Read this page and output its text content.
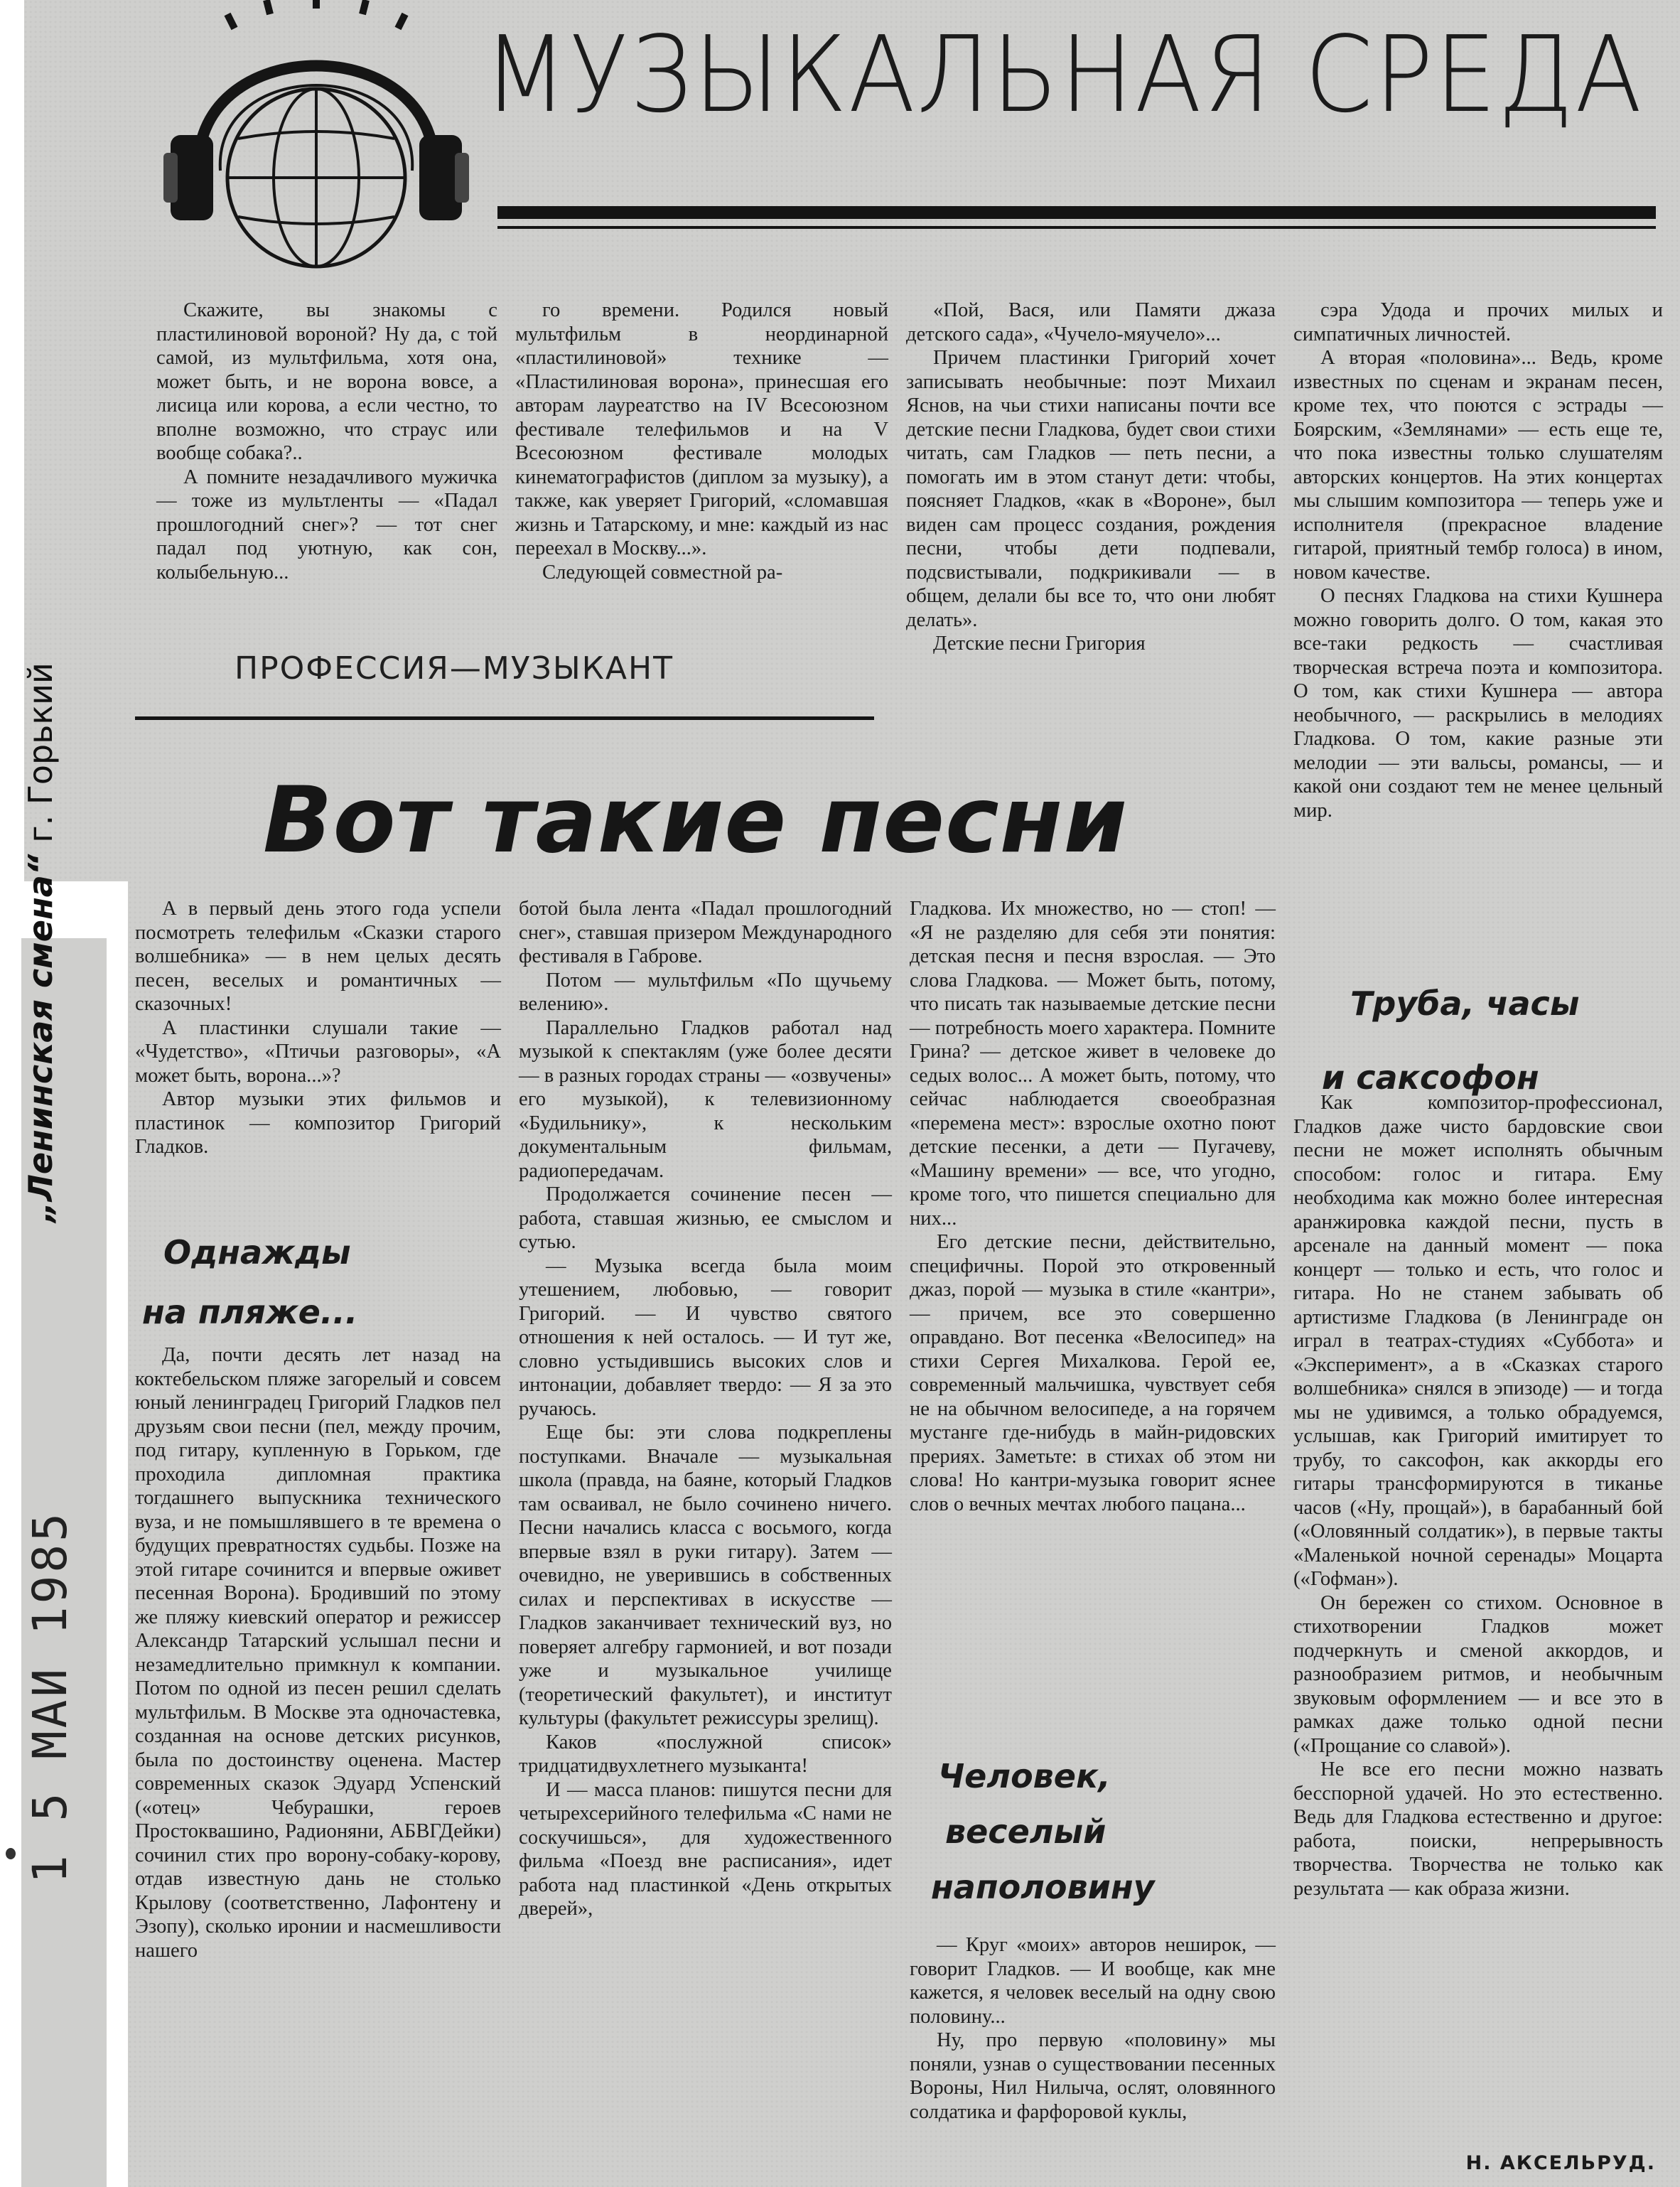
МУЗЫКАЛЬНАЯ СРЕДА

Скажите, вы знакомы с пластилиновой вороной? Ну да, с той самой, из мультфильма, хотя она, может быть, и не ворона вовсе, а лисица или корова, а если честно, то вполне возможно, что страус или вообще собака?..

А помните незадачливого мужичка — тоже из мультленты — «Падал прошлогодний снег»? — тот снег падал под уютную, как сон, колыбельную...

го времени. Родился новый мультфильм в неординарной «пластилиновой» технике — «Пластилиновая ворона», принесшая его авторам лауреатство на IV Всесоюзном фестивале телефильмов и на V Всесоюзном фестивале молодых кинематографистов (диплом за музыку), а также, как уверяет Григорий, «сломавшая жизнь и Татарскому, и мне: каждый из нас переехал в Москву...».

Следующей совместной ра-

«Пой, Вася, или Памяти джаза детского сада», «Чучело-мяучело»...

Причем пластинки Григорий хочет записывать необычные: поэт Михаил Яснов, на чьи стихи написаны почти все детские песни Гладкова, будет свои стихи читать, сам Гладков — петь песни, а помогать им в этом станут дети: чтобы, поясняет Гладков, «как в «Вороне», был виден сам процесс создания, рождения песни, чтобы дети подпевали, подсвистывали, подкрикивали — в общем, делали бы все то, что они любят делать».

Детские песни Григория

сэра Удода и прочих милых и симпатичных личностей.

А вторая «половина»... Ведь, кроме известных по сценам и экранам песен, кроме тех, что поются с эстрады — Боярским, «Землянами» — есть еще те, что пока известны только слушателям авторских концертов. На этих концертах мы слышим композитора — теперь уже и исполнителя (прекрасное владение гитарой, приятный тембр голоса) в ином, новом качестве.

О песнях Гладкова на стихи Кушнера можно говорить долго. О том, какая это все-таки редкость — счастливая творческая встреча поэта и композитора. О том, как стихи Кушнера — автора необычного, — раскрылись в мелодиях Гладкова. О том, какие разные эти мелодии — эти вальсы, романсы, — и какой они создают тем не менее цельный мир.

ПРОФЕССИЯ—МУЗЫКАНТ
Вот такие песни

А в первый день этого года успели посмотреть телефильм «Сказки старого волшебника» — в нем целых десять песен, веселых и романтичных — сказочных!

А пластинки слушали такие — «Чудетство», «Птичьи разговоры», «А может быть, ворона...»?

Автор музыки этих фильмов и пластинок — композитор Григорий Гладков.

Однажды
на пляже...

Да, почти десять лет назад на коктебельском пляже загорелый и совсем юный ленинградец Григорий Гладков пел друзьям свои песни (пел, между прочим, под гитару, купленную в Горьком, где проходила дипломная практика тогдашнего выпускника технического вуза, и не помышлявшего в те времена о будущих превратностях судьбы. Позже на этой гитаре сочинится и впервые оживет песенная Ворона). Бродивший по этому же пляжу киевский оператор и режиссер Александр Татарский услышал песни и незамедлительно примкнул к компании. Потом по одной из песен решил сделать мультфильм. В Москве эта одночастевка, созданная на основе детских рисунков, была по достоинству оценена. Мастер современных сказок Эдуард Успенский («отец» Чебурашки, героев Простоквашино, Радионяни, АБВГДейки) сочинил стих про ворону-собаку-корову, отдав известную дань не столько Крылову (соответственно, Лафонтену и Эзопу), сколько иронии и насмешливости нашего

ботой была лента «Падал прошлогодний снег», ставшая призером Международного фестиваля в Габрове.

Потом — мультфильм «По щучьему велению».

Параллельно Гладков работал над музыкой к спектаклям (уже более десяти — в разных городах страны — «озвучены» его музыкой), к телевизионному «Будильнику», к нескольким документальным фильмам, радиопередачам.

Продолжается сочинение песен — работа, ставшая жизнью, ее смыслом и сутью.

— Музыка всегда была моим утешением, любовью, — говорит Григорий. — И чувство святого отношения к ней осталось. — И тут же, словно устыдившись высоких слов и интонации, добавляет твердо: — Я за это ручаюсь.

Еще бы: эти слова подкреплены поступками. Вначале — музыкальная школа (правда, на баяне, который Гладков там осваивал, не было сочинено ничего. Песни начались класса с восьмого, когда впервые взял в руки гитару). Затем — очевидно, не уверившись в собственных силах и перспективах в искусстве — Гладков заканчивает технический вуз, но поверяет алгебру гармонией, и вот позади уже и музыкальное училище (теоретический факультет), и институт культуры (факультет режиссуры зрелищ).

Каков «послужной список» тридцатидвухлетнего музыканта!

И — масса планов: пишутся песни для четырехсерийного телефильма «С нами не соскучишься», для художественного фильма «Поезд вне расписания», идет работа над пластинкой «День открытых дверей»,

Гладкова. Их множество, но — стоп! — «Я не разделяю для себя эти понятия: детская песня и песня взрослая. — Это слова Гладкова. — Может быть, потому, что писать так называемые детские песни — потребность моего характера. Помните Грина? — детское живет в человеке до седых волос... А может быть, потому, что сейчас наблюдается своеобразная «перемена мест»: взрослые охотно поют детские песенки, а дети — Пугачеву, «Машину времени» — все, что угодно, кроме того, что пишется специально для них...

Его детские песни, действительно, специфичны. Порой это откровенный джаз, порой — музыка в стиле «кантри», — причем, все это совершенно оправдано. Вот песенка «Велосипед» на стихи Сергея Михалкова. Герой ее, современный мальчишка, чувствует себя не на обычном велосипеде, а на горячем мустанге где-нибудь в майн-ридовских прериях. Заметьте: в стихах об этом ни слова! Но кантри-музыка говорит яснее слов о вечных мечтах любого пацана...

Человек,
веселый
наполовину

— Круг «моих» авторов неширок, — говорит Гладков. — И вообще, как мне кажется, я человек веселый на одну свою половину...

Ну, про первую «половину» мы поняли, узнав о существовании песенных Вороны, Нил Нилыча, ослят, оловянного солдатика и фарфоровой куклы,

Труба, часы
и саксофон

Как композитор-профессионал, Гладков даже чисто бардовские свои песни не может исполнять обычным способом: голос и гитара. Ему необходима как можно более интересная аранжировка каждой песни, пусть в арсенале на данный момент — пока концерт — только и есть, что голос и гитара. Но не станем забывать об артистизме Гладкова (в Ленинграде он играл в театрах-студиях «Суббота» и «Эксперимент», а в «Сказках старого волшебника» снялся в эпизоде) — и тогда мы не удивимся, а только обрадуемся, услышав, как Григорий имитирует то трубу, то саксофон, как аккорды его гитары трансформируются в тиканье часов («Ну, прощай»), в барабанный бой («Оловянный солдатик»), в первые такты «Маленькой ночной серенады» Моцарта («Гофман»).

Он бережен со стихом. Основное в стихотворении Гладков может подчеркнуть и сменой аккордов, и разнообразием ритмов, и необычным звуковым оформлением — и все это в рамках даже только одной песни («Прощание со славой»).

Не все его песни можно назвать бесспорной удачей. Но это естественно. Ведь для Гладкова естественно и другое: работа, поиски, непрерывность творчества. Творчества не только как результата — как образа жизни.

Н. АКСЕЛЬРУД.
„Ленинская смена“ г. Горький
1 5 МАИ 1985
